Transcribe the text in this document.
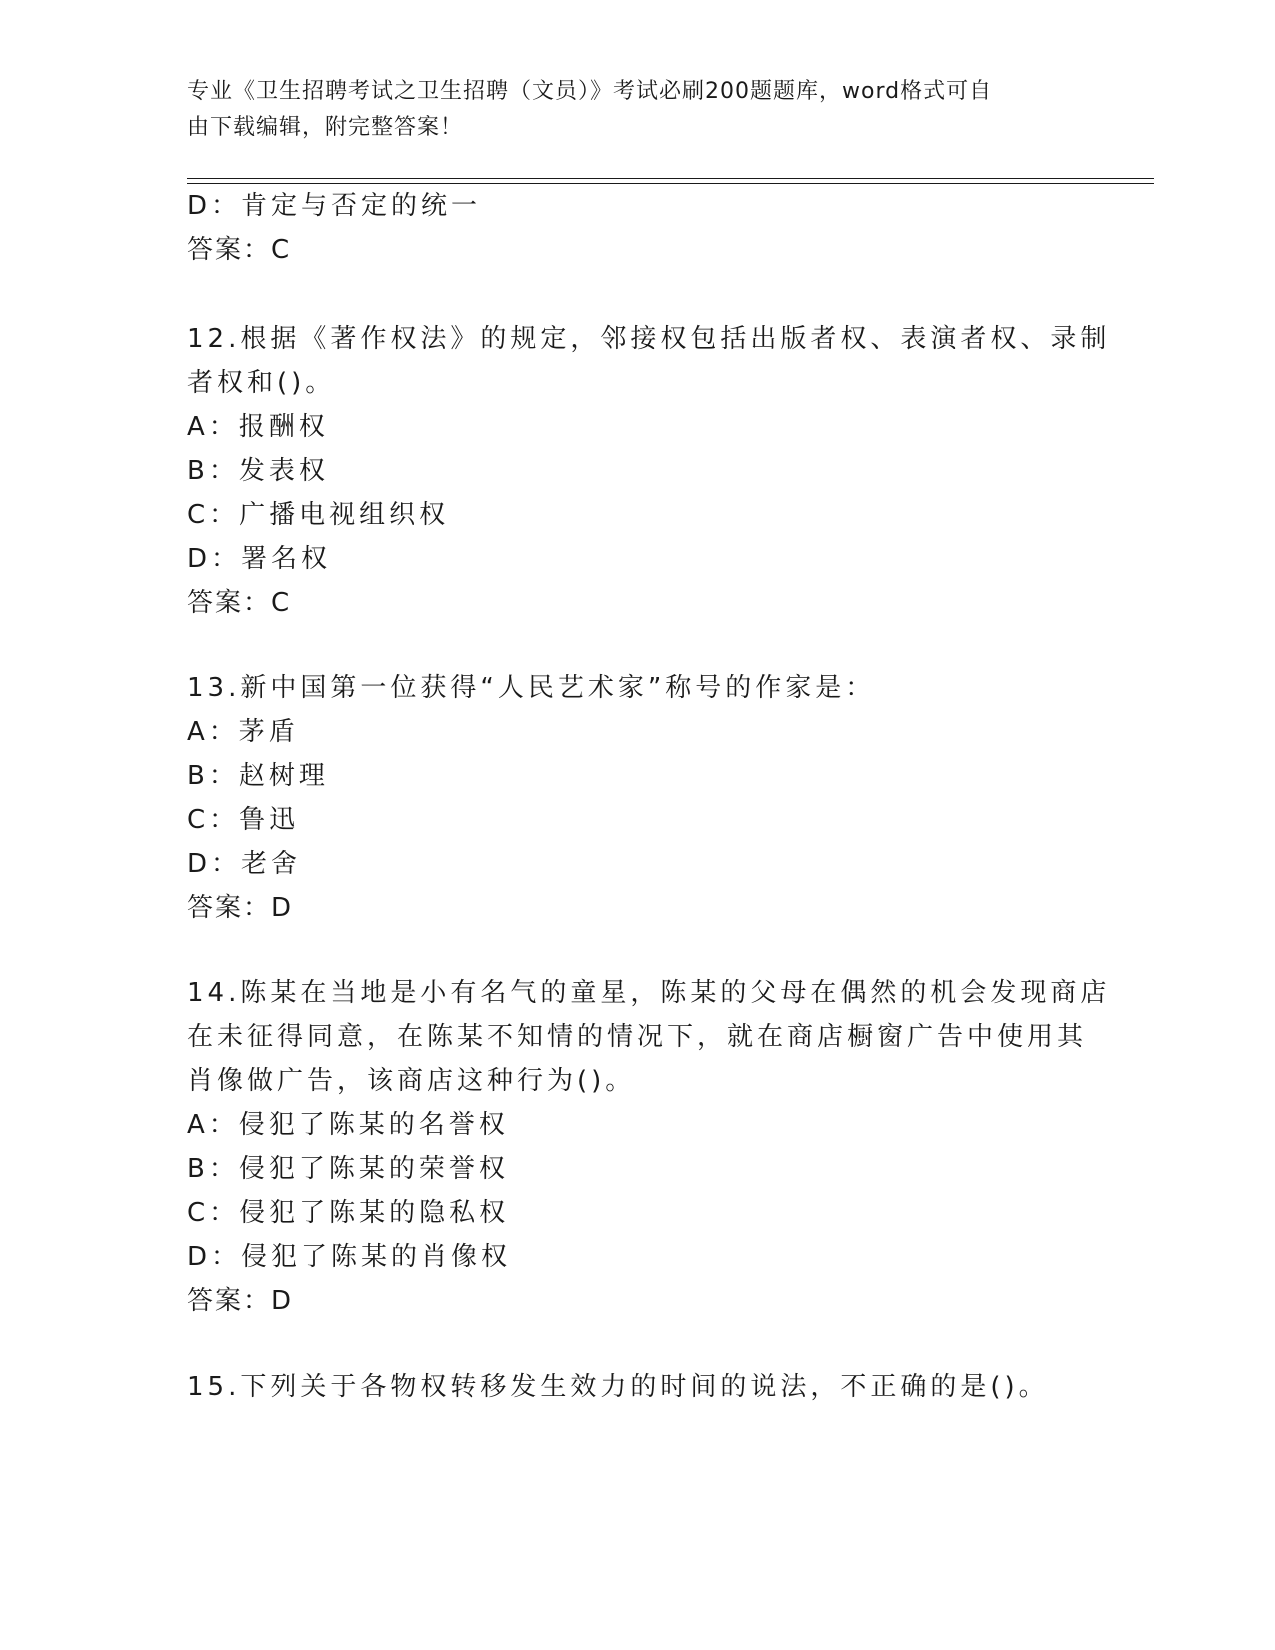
专业《卫生招聘考试之卫生招聘（文员）》考试必刷200题题库，word格式可自
由下载编辑，附完整答案！
D：肯定与否定的统一
答案：C
12.根据《著作权法》的规定，邻接权包括出版者权、表演者权、录制
者权和()。
A：报酬权
B：发表权
C：广播电视组织权
D：署名权
答案：C
13.新中国第一位获得“人民艺术家”称号的作家是：
A：茅盾
B：赵树理
C：鲁迅
D：老舍
答案：D
14.陈某在当地是小有名气的童星，陈某的父母在偶然的机会发现商店
在未征得同意，在陈某不知情的情况下，就在商店橱窗广告中使用其
肖像做广告，该商店这种行为()。
A：侵犯了陈某的名誉权
B：侵犯了陈某的荣誉权
C：侵犯了陈某的隐私权
D：侵犯了陈某的肖像权
答案：D
15.下列关于各物权转移发生效力的时间的说法，不正确的是()。
